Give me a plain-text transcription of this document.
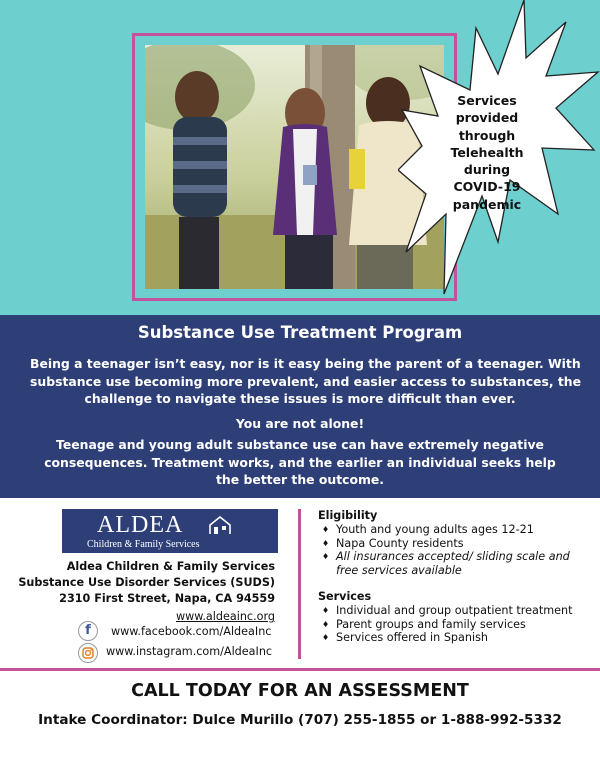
Services
provided
through
Telehealth
during
COVID-19
pandemic
Substance Use Treatment Program
Being a teenager isn’t easy, nor is it easy being the parent of a teenager. With
substance use becoming more prevalent, and easier access to substances, the
challenge to navigate these issues is more difficult than ever.
You are not alone!
Teenage and young adult substance use can have extremely negative
consequences. Treatment works, and the earlier an individual seeks help
the better the outcome.
ALDEA
Children & Family Services
Aldea Children & Family Services
Substance Use Disorder Services (SUDS)
2310 First Street, Napa, CA 94559
www.aldeainc.org
f	www.facebook.com/AldeaInc
www.instagram.com/AldeaInc
Eligibility
♦ Youth and young adults ages 12-21
♦ Napa County residents
♦ All insurances accepted/ sliding scale and free services available
Services
♦ Individual and group outpatient treatment
♦ Parent groups and family services
♦ Services offered in Spanish
CALL TODAY FOR AN ASSESSMENT
Intake Coordinator: Dulce Murillo (707) 255-1855 or 1-888-992-5332
